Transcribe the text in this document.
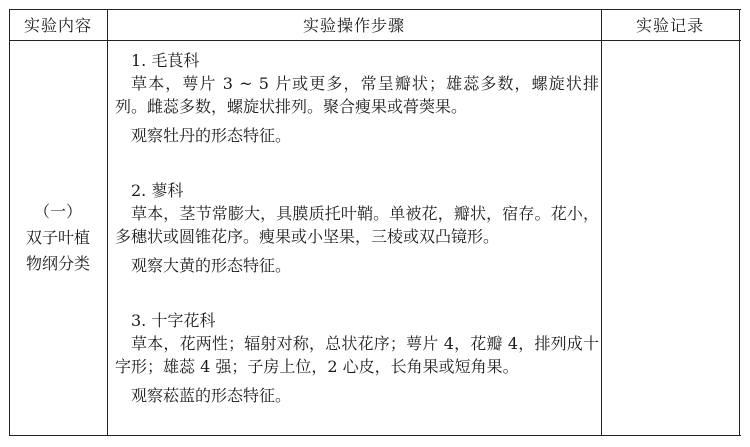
实验内容	实验操作步骤	实验记录
（一）
双子叶植
物纲分类
1. 毛茛科
草本，萼片 3 ~ 5 片或更多，常呈瓣状；雄蕊多数，螺旋状排列。雌蕊多数，螺旋状排列。聚合瘦果或蓇葖果。
观察牡丹的形态特征。
2. 蓼科
草本，茎节常膨大，具膜质托叶鞘。单被花，瓣状，宿存。花小，多穗状或圆锥花序。瘦果或小坚果，三棱或双凸镜形。
观察大黄的形态特征。
3. 十字花科
草本，花两性；辐射对称，总状花序；萼片 4，花瓣 4，排列成十字形；雄蕊 4 强；子房上位，2 心皮，长角果或短角果。
观察菘蓝的形态特征。
